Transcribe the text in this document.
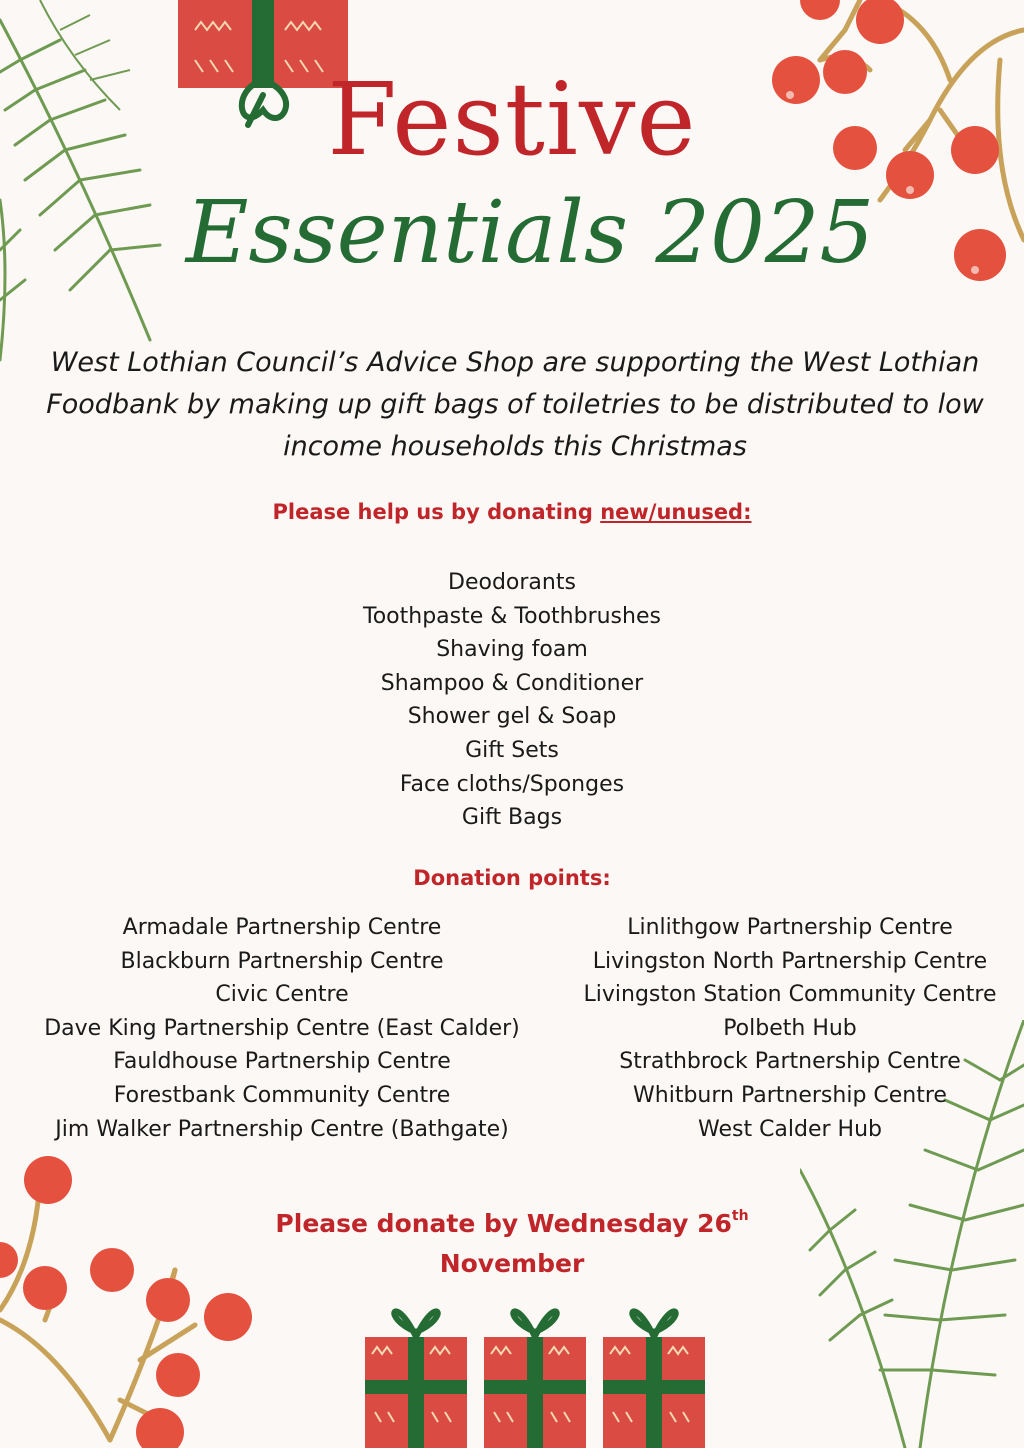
Festive
Essentials 2025
West Lothian Council’s Advice Shop are supporting the West Lothian Foodbank by making up gift bags of toiletries to be distributed to low income households this Christmas
Please help us by donating new/unused:
Deodorants
Toothpaste & Toothbrushes
Shaving foam
Shampoo & Conditioner
Shower gel & Soap
Gift Sets
Face cloths/Sponges
Gift Bags
Donation points:
Armadale Partnership Centre
Blackburn Partnership Centre
Civic Centre
Dave King Partnership Centre (East Calder)
Fauldhouse Partnership Centre
Forestbank Community Centre
Jim Walker Partnership Centre (Bathgate)
Linlithgow Partnership Centre
Livingston North Partnership Centre
Livingston Station Community Centre
Polbeth Hub
Strathbrock Partnership Centre
Whitburn Partnership Centre
West Calder Hub
Please donate by Wednesday 26th
November
